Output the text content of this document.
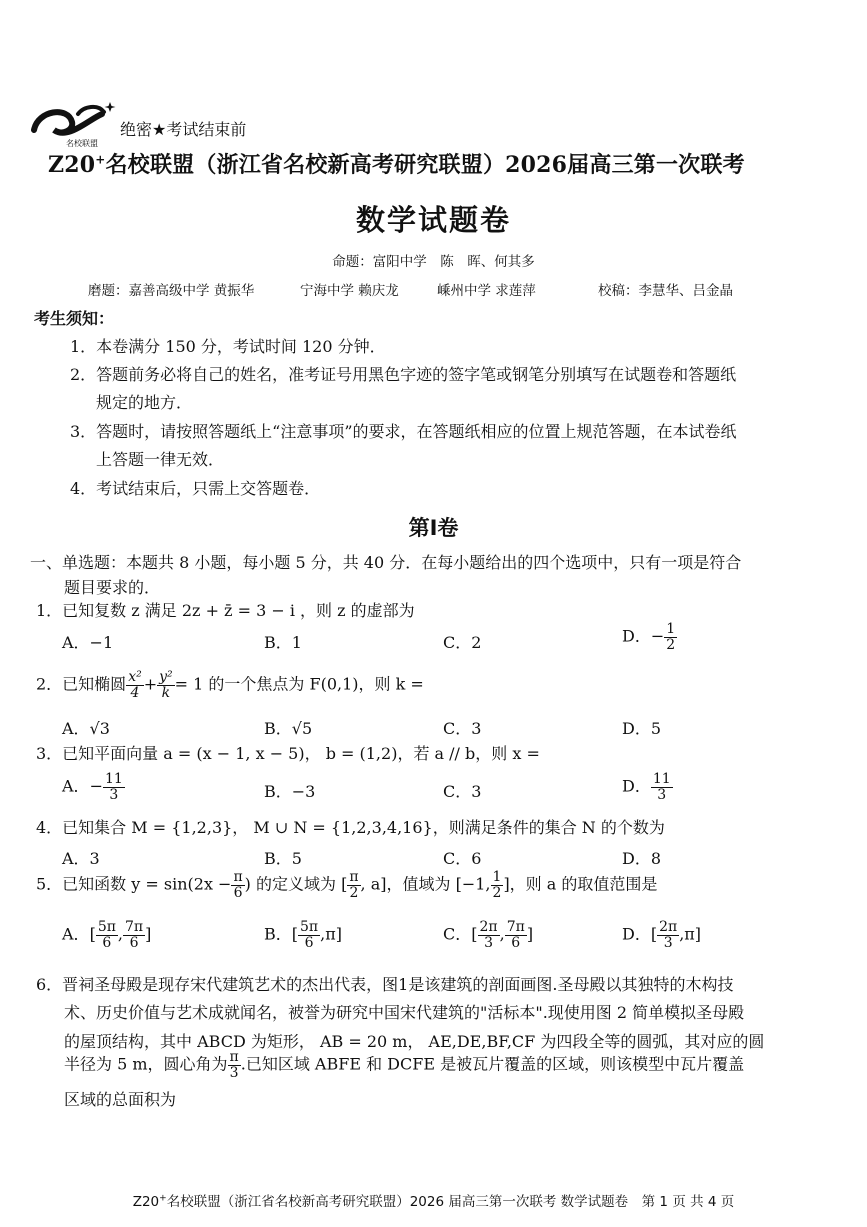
名校联盟
绝密★考试结束前
Z20+名校联盟（浙江省名校新高考研究联盟）2026届高三第一次联考
数学试题卷
命题：富阳中学　陈　晖、何其多
磨题：嘉善高级中学 黄振华	宁海中学 赖庆龙	嵊州中学 求莲萍	校稿：李慧华、吕金晶
考生须知：
1．本卷满分 150 分，考试时间 120 分钟．
2．答题前务必将自己的姓名，准考证号用黑色字迹的签字笔或钢笔分别填写在试题卷和答题纸
规定的地方．
3．答题时，请按照答题纸上“注意事项”的要求，在答题纸相应的位置上规范答题，在本试卷纸
上答题一律无效．
4．考试结束后，只需上交答题卷．
第Ⅰ卷
一、单选题：本题共 8 小题，每小题 5 分，共 40 分．在每小题给出的四个选项中，只有一项是符合
题目要求的．
1．已知复数 z 满足 2z + z̄ = 3 − i ，则 z 的虚部为
A．−1	B．1	C．2	D．− $\frac{1}{2}$
2．已知椭圆 $\frac{\text{x²}}{4} + \frac{\text{y²}}{k} = 1$ 的一个焦点为 F(0,1)，则 k =
A．√3	B．√5	C．3	D．5
3．已知平面向量 a = (x − 1, x − 5)， b = (1,2)，若 a // b，则 x =
A．− $\frac{11}{3}$	B．−3	C．3	D． $\frac{11}{3}$
4．已知集合 M = {1,2,3}， M ∪ N = {1,2,3,4,16}，则满足条件的集合 N 的个数为
A．3	B．5	C．6	D．8
5．已知函数 $y = \sin(2x - \frac{\pi}{6}$ ) 的定义域为 [ $\frac{\pi}{2}$ , a]，值域为 [−1, $\frac{1}{2}$ ]，则 a 的取值范围是
A．[ $\frac{5\pi}{6}$ , $\frac{7\pi}{6}$ ]	B．[ $\frac{5\pi}{6} ,\pi$]	C．[ $\frac{2\pi}{3}$ , $\frac{7\pi}{6}$ ]	D．[ $\frac{2\pi}{3} ,\pi$]
6．晋祠圣母殿是现存宋代建筑艺术的杰出代表，图1是该建筑的剖面画图.圣母殿以其独特的木构技
术、历史价值与艺术成就闻名，被誉为研究中国宋代建筑的"活标本".现使用图 2 简单模拟圣母殿
的屋顶结构，其中 ABCD 为矩形， AB = 20 m， AE,DE,BF,CF 为四段全等的圆弧，其对应的圆
半径为 5 m，圆心角为 $\frac{\pi}{3}$ .已知区域 ABFE 和 DCFE 是被瓦片覆盖的区域，则该模型中瓦片覆盖
区域的总面积为
Z20+名校联盟（浙江省名校新高考研究联盟）2026 届高三第一次联考 数学试题卷　第 1 页 共 4 页
